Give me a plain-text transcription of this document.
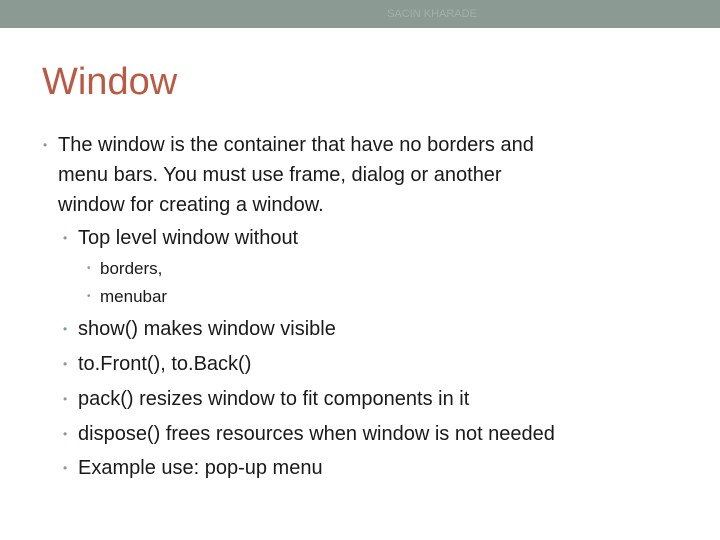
SACIN KHARADE
Window
• The window is the container that have no borders and
menu bars. You must use frame, dialog or another
window for creating a window.
• Top level window without
• borders,
• menubar
• show() makes window visible
• to.Front(), to.Back()
• pack() resizes window to fit components in it
• dispose() frees resources when window is not needed
• Example use: pop-up menu
